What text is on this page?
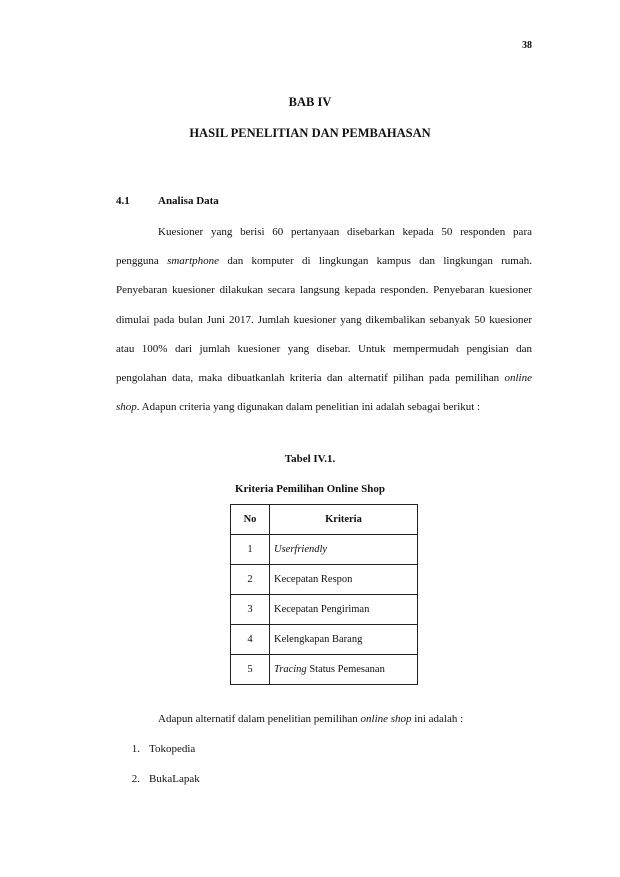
38
BAB IV
HASIL PENELITIAN DAN PEMBAHASAN
4.1	Analisa Data

Kuesioner yang berisi 60 pertanyaan disebarkan kepada 50 responden para pengguna smartphone dan komputer di lingkungan kampus dan lingkungan rumah. Penyebaran kuesioner dilakukan secara langsung kepada responden. Penyebaran kuesioner dimulai pada bulan Juni 2017. Jumlah kuesioner yang dikembalikan sebanyak 50 kuesioner atau 100% dari jumlah kuesioner yang disebar. Untuk mempermudah pengisian dan pengolahan data, maka dibuatkanlah kriteria dan alternatif pilihan pada pemilihan online shop. Adapun criteria yang digunakan dalam penelitian ini adalah sebagai berikut :

Tabel IV.1.
Kriteria Pemilihan Online Shop
No	Kriteria
1	Userfriendly
2	Kecepatan Respon
3	Kecepatan Pengiriman
4	Kelengkapan Barang
5	Tracing Status Pemesanan
Adapun alternatif dalam penelitian pemilihan online shop ini adalah :
1. Tokopedia
2. BukaLapak
